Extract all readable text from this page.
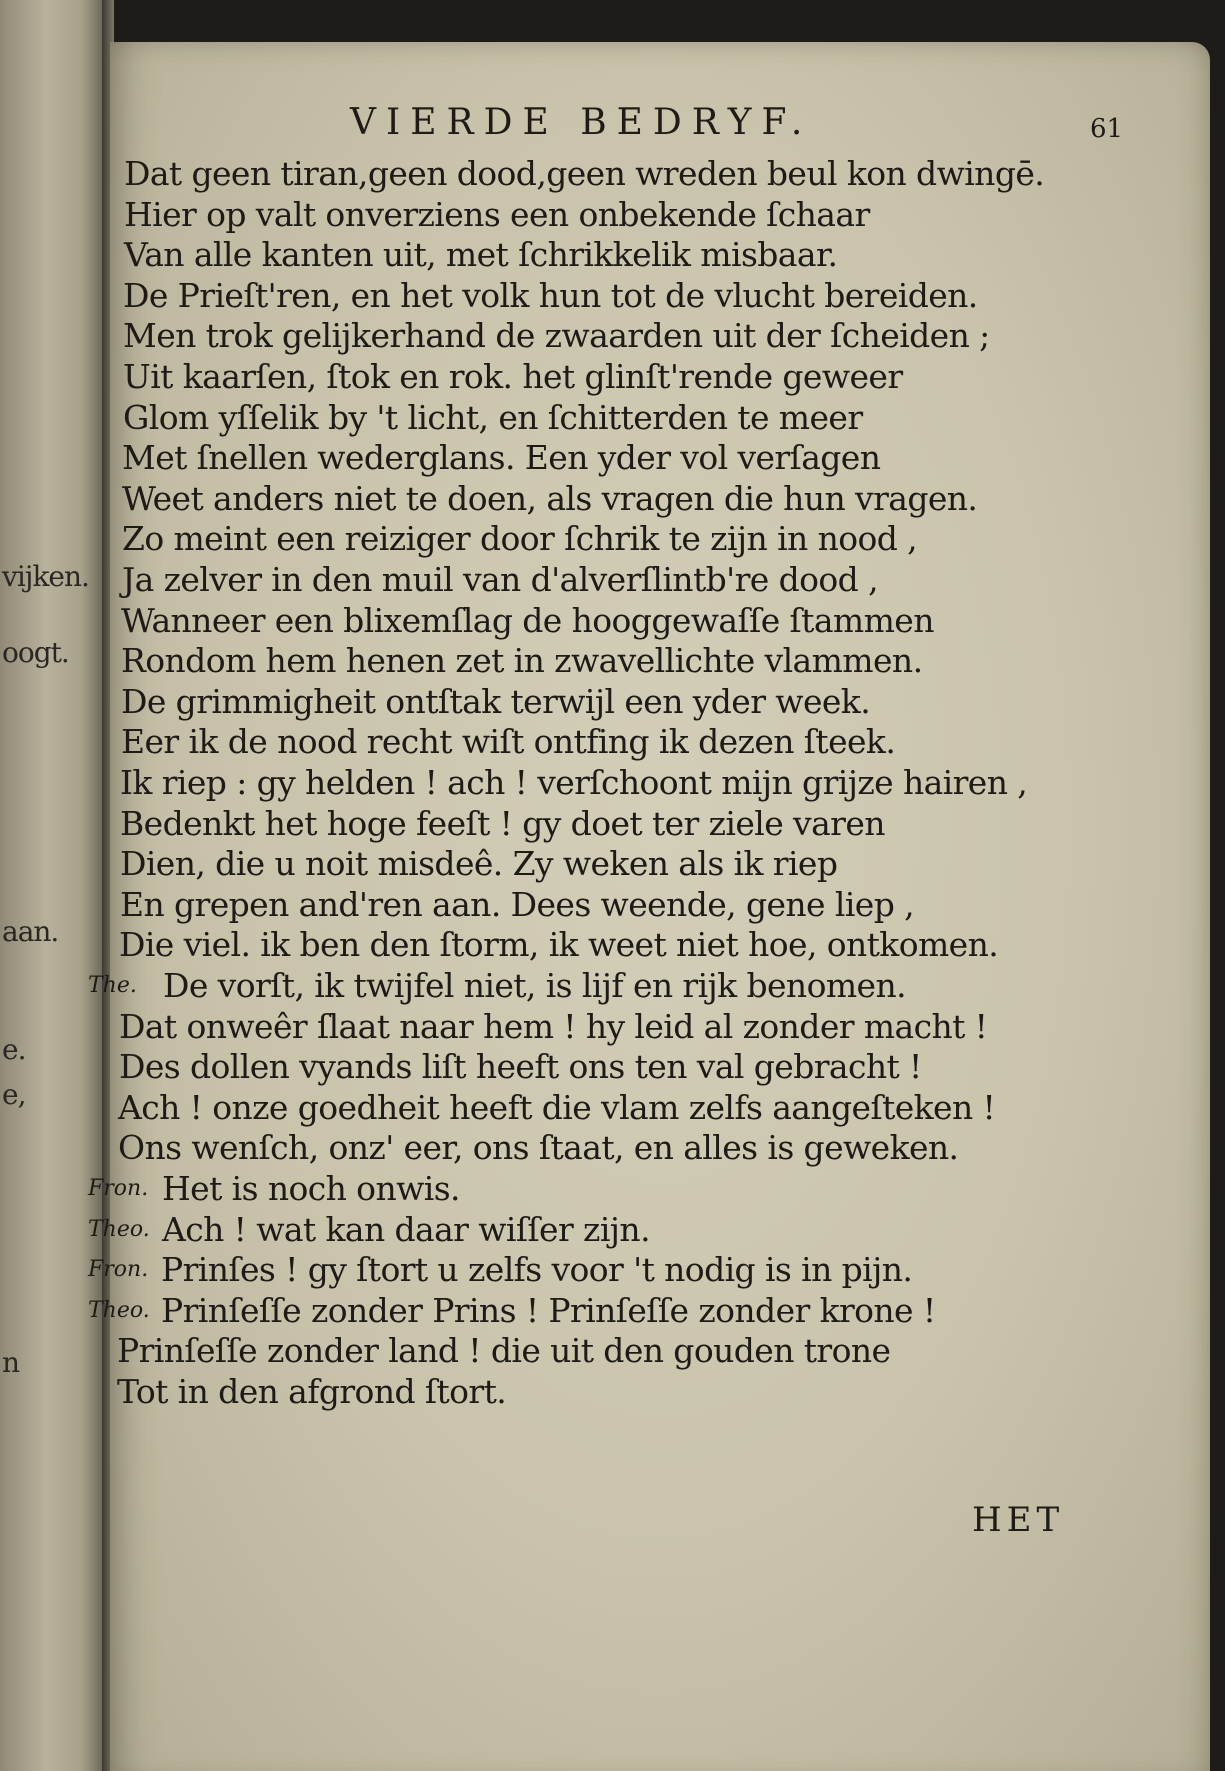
vijken.
oogt.
aan.
e.
e,
n
VIERDE BEDRYF.	61
Dat geen tiran,geen dood,geen wreden beul kon dwingē.
Hier op valt onverziens een onbekende ſchaar
Van alle kanten uit, met ſchrikkelik misbaar.
De Prieſt'ren, en het volk hun tot de vlucht bereiden.
Men trok gelijkerhand de zwaarden uit der ſcheiden ;
Uit kaarſen, ſtok en rok. het glinſt'rende geweer
Glom yſſelik by 't licht, en ſchitterden te meer
Met ſnellen wederglans. Een yder vol verſagen
Weet anders niet te doen, als vragen die hun vragen.
Zo meint een reiziger door ſchrik te zijn in nood ,
Ja zelver in den muil van d'alverſlintb're dood ,
Wanneer een blixemſlag de hooggewaſſe ſtammen
Rondom hem henen zet in zwavellichte vlammen.
De grimmigheit ontſtak terwijl een yder week.
Eer ik de nood recht wiſt ontfing ik dezen ſteek.
Ik riep : gy helden ! ach ! verſchoont mijn grijze hairen ,
Bedenkt het hoge feeſt ! gy doet ter ziele varen
Dien, die u noit misdeê. Zy weken als ik riep
En grepen and'ren aan. Dees weende, gene liep ,
Die viel. ik ben den ſtorm, ik weet niet hoe, ontkomen.
The. De vorſt, ik twijfel niet, is lijf en rijk benomen.
Dat onweêr ſlaat naar hem ! hy leid al zonder macht !
Des dollen vyands liſt heeft ons ten val gebracht !
Ach ! onze goedheit heeft die vlam zelfs aangeſteken !
Ons wenſch, onz' eer, ons ſtaat, en alles is geweken.
Fron. Het is noch onwis.
Theo. Ach ! wat kan daar wiſſer zijn.
Fron. Prinſes ! gy ſtort u zelfs voor 't nodig is in pijn.
Theo. Prinſeſſe zonder Prins ! Prinſeſſe zonder krone !
Prinſeſſe zonder land ! die uit den gouden trone
Tot in den afgrond ſtort.
HET
